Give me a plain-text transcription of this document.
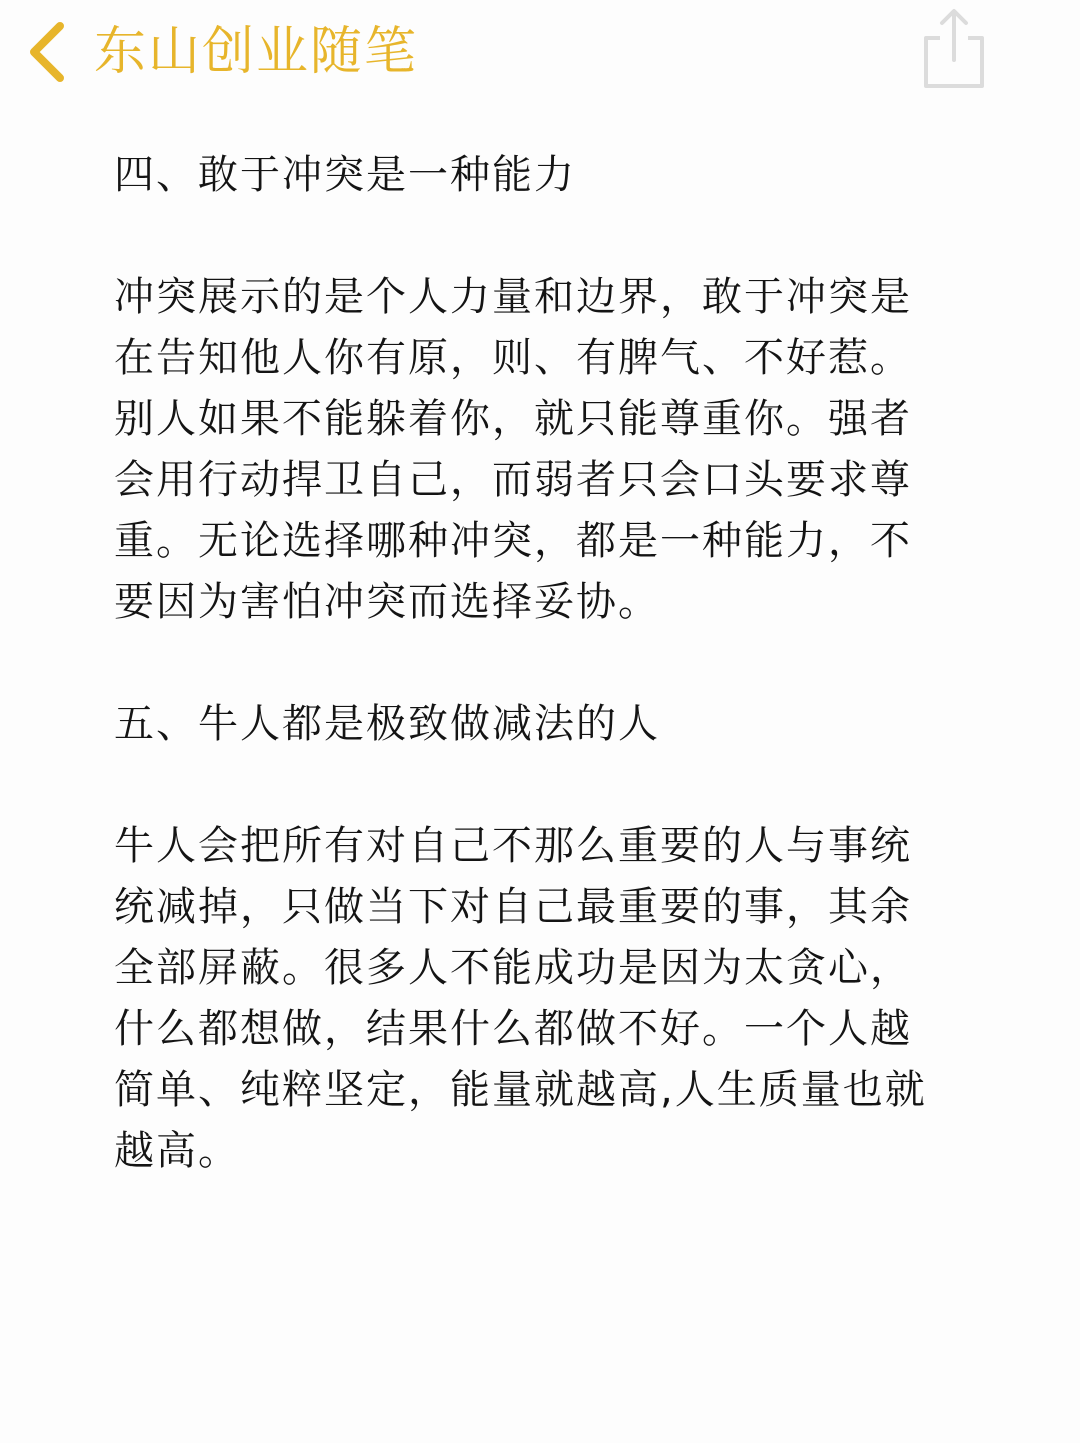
东山创业随笔

四、敢于冲突是一种能力

冲突展示的是个人力量和边界，敢于冲突是

在告知他人你有原，则、有脾气、不好惹。

别人如果不能躲着你，就只能尊重你。强者

会用行动捍卫自己，而弱者只会口头要求尊

重。无论选择哪种冲突，都是一种能力，不

要因为害怕冲突而选择妥协。

五、牛人都是极致做减法的人

牛人会把所有对自己不那么重要的人与事统

统减掉，只做当下对自己最重要的事，其余

全部屏蔽。很多人不能成功是因为太贪心，

什么都想做，结果什么都做不好。一个人越

简单、纯粹坚定，能量就越高,人生质量也就

越高。
